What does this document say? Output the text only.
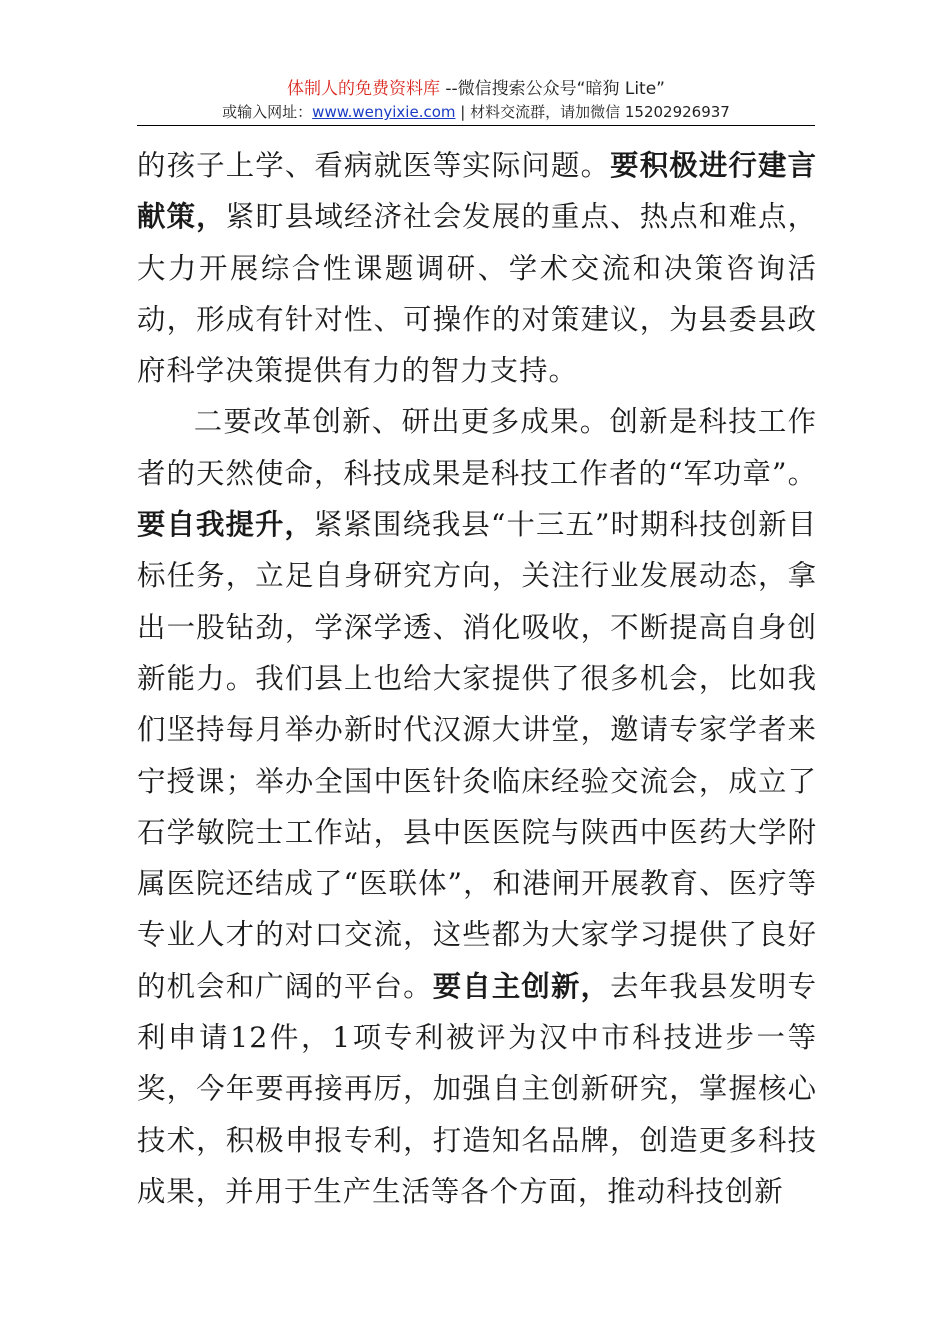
体制人的免费资料库 --微信搜索公众号“暗狗 Lite”
或输入网址：www.wenyixie.com | 材料交流群，请加微信 15202926937

的孩子上学、看病就医等实际问题。要积极进行建言献策，紧盯县域经济社会发展的重点、热点和难点，大力开展综合性课题调研、学术交流和决策咨询活动，形成有针对性、可操作的对策建议，为县委县政府科学决策提供有力的智力支持。

二要改革创新、研出更多成果。创新是科技工作者的天然使命，科技成果是科技工作者的“军功章”。要自我提升，紧紧围绕我县“十三五”时期科技创新目标任务，立足自身研究方向，关注行业发展动态，拿出一股钻劲，学深学透、消化吸收，不断提高自身创新能力。我们县上也给大家提供了很多机会，比如我们坚持每月举办新时代汉源大讲堂，邀请专家学者来宁授课；举办全国中医针灸临床经验交流会，成立了石学敏院士工作站，县中医医院与陕西中医药大学附属医院还结成了“医联体”，和港闸开展教育、医疗等专业人才的对口交流，这些都为大家学习提供了良好的机会和广阔的平台。要自主创新，去年我县发明专利申请12件，1项专利被评为汉中市科技进步一等奖，今年要再接再厉，加强自主创新研究，掌握核心技术，积极申报专利，打造知名品牌，创造更多科技成果，并用于生产生活等各个方面，推动科技创新
